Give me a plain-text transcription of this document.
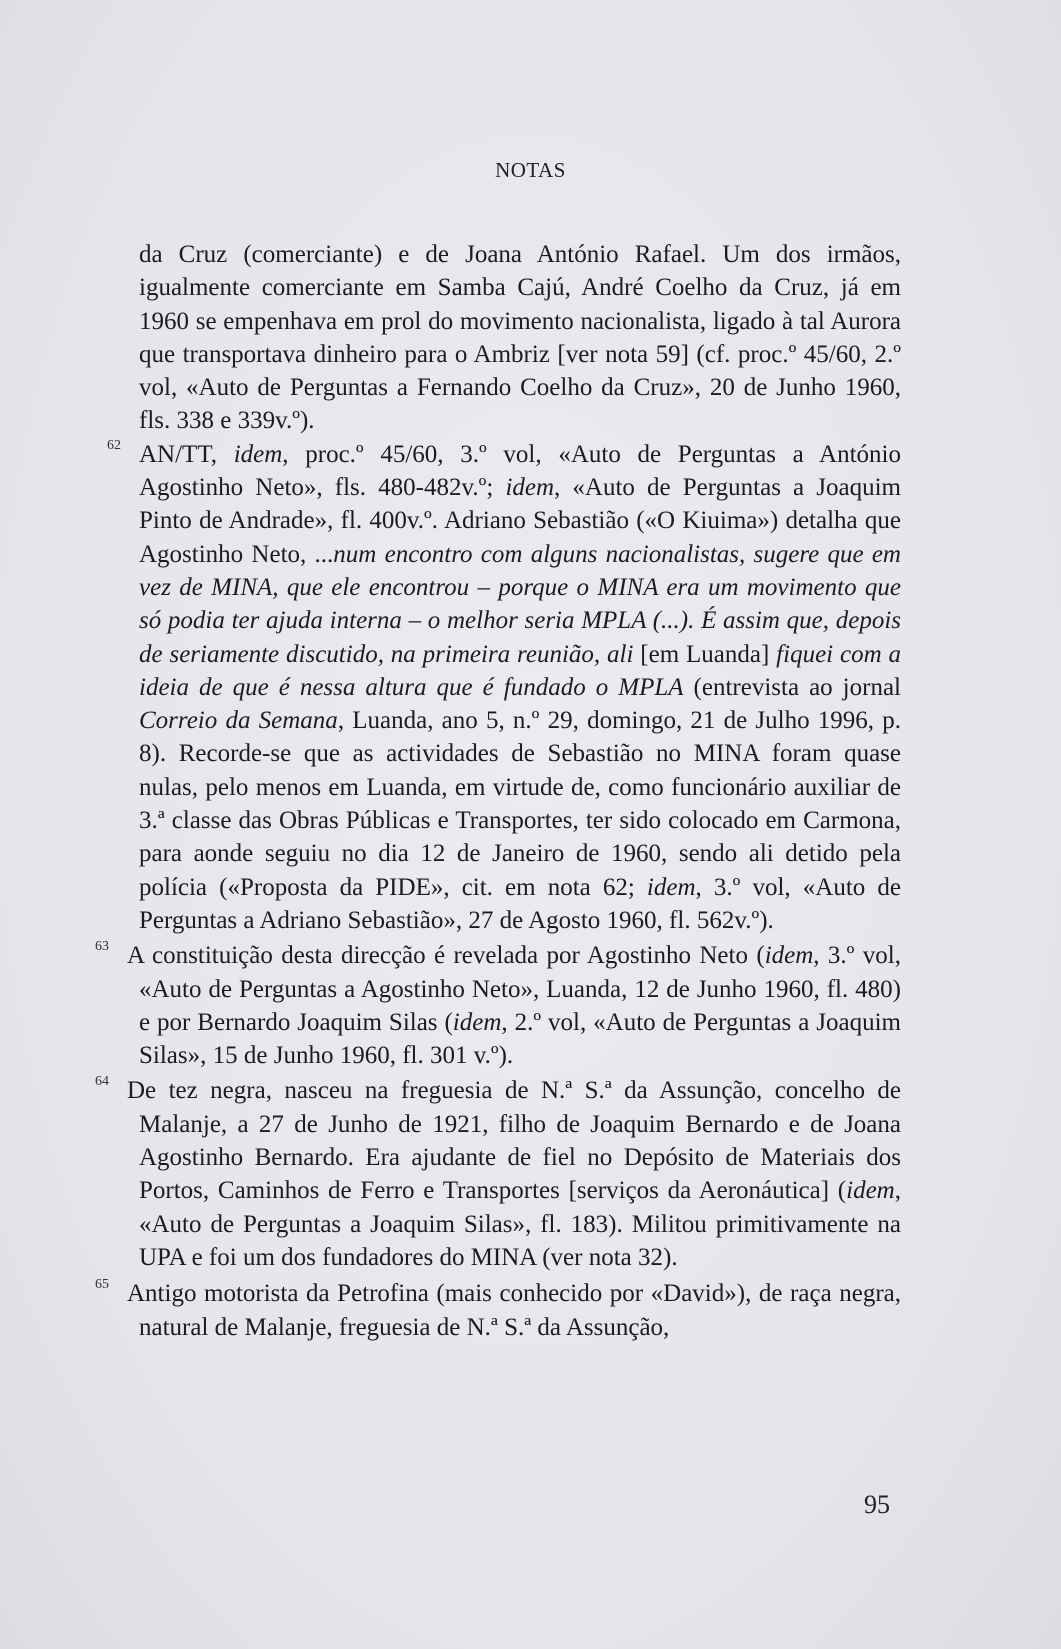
NOTAS

da Cruz (comerciante) e de Joana António Rafael. Um dos irmãos, igualmente comerciante em Samba Cajú, André Coelho da Cruz, já em 1960 se empenhava em prol do movimento nacionalista, ligado à tal Aurora que transportava dinheiro para o Ambriz [ver nota 59] (cf. proc.º 45/60, 2.º vol, «Auto de Perguntas a Fernando Coelho da Cruz», 20 de Junho 1960, fls. 338 e 339v.º).

62 AN/TT, idem, proc.º 45/60, 3.º vol, «Auto de Perguntas a António Agostinho Neto», fls. 480-482v.º; idem, «Auto de Perguntas a Joaquim Pinto de Andrade», fl. 400v.º. Adriano Sebastião («O Kiuima») detalha que Agostinho Neto, ...num encontro com alguns nacionalistas, sugere que em vez de MINA, que ele encontrou – porque o MINA era um movimento que só podia ter ajuda interna – o melhor seria MPLA (...). É assim que, depois de seriamente discutido, na primeira reunião, ali [em Luanda] fiquei com a ideia de que é nessa altura que é fundado o MPLA (entrevista ao jornal Correio da Semana, Luanda, ano 5, n.º 29, domingo, 21 de Julho 1996, p. 8). Recorde-se que as actividades de Sebastião no MINA foram quase nulas, pelo menos em Luanda, em virtude de, como funcionário auxiliar de 3.ª classe das Obras Públicas e Transportes, ter sido colocado em Carmona, para aonde seguiu no dia 12 de Janeiro de 1960, sendo ali detido pela polícia («Proposta da PIDE», cit. em nota 62; idem, 3.º vol, «Auto de Perguntas a Adriano Sebastião», 27 de Agosto 1960, fl. 562v.º).

63 A constituição desta direcção é revelada por Agostinho Neto (idem, 3.º vol, «Auto de Perguntas a Agostinho Neto», Luanda, 12 de Junho 1960, fl. 480) e por Bernardo Joaquim Silas (idem, 2.º vol, «Auto de Perguntas a Joaquim Silas», 15 de Junho 1960, fl. 301 v.º).

64 De tez negra, nasceu na freguesia de N.ª S.ª da Assunção, concelho de Malanje, a 27 de Junho de 1921, filho de Joaquim Bernardo e de Joana Agostinho Bernardo. Era ajudante de fiel no Depósito de Materiais dos Portos, Caminhos de Ferro e Transportes [serviços da Aeronáutica] (idem, «Auto de Perguntas a Joaquim Silas», fl. 183). Militou primitivamente na UPA e foi um dos fundadores do MINA (ver nota 32).

65 Antigo motorista da Petrofina (mais conhecido por «David»), de raça negra, natural de Malanje, freguesia de N.ª S.ª da Assunção,

95
